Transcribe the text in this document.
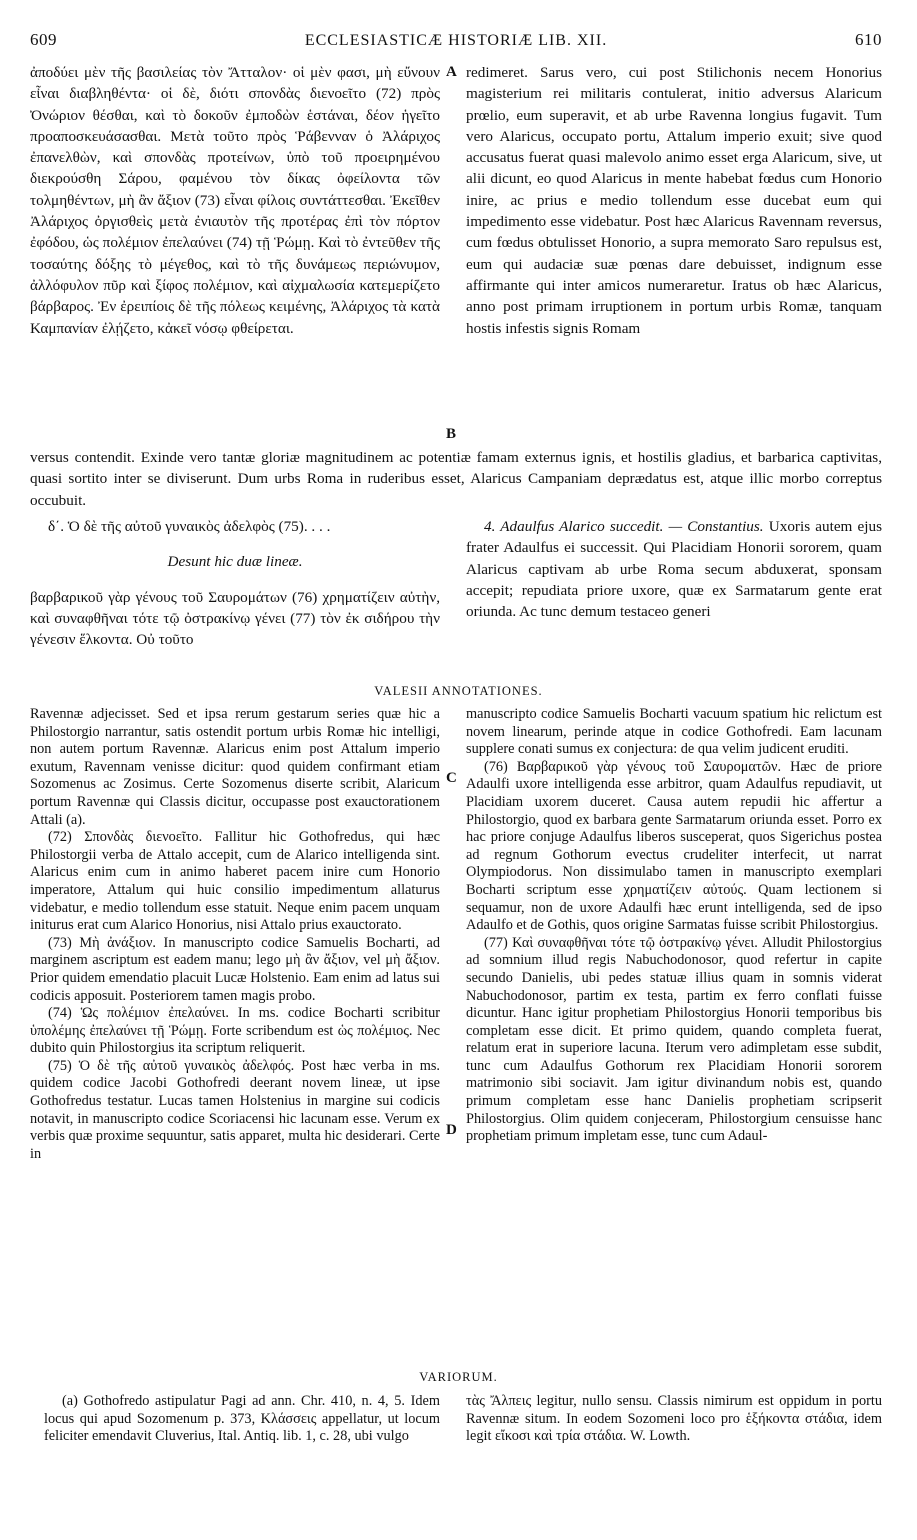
609	ECCLESIASTICÆ HISTORIÆ LIB. XII.	610

ἀποδύει μὲν τῆς βασιλείας τὸν Ἄτταλον· οἱ μὲν φασι, μὴ εὔνουν εἶναι διαβληθέντα· οἱ δὲ, διότι σπονδὰς διενοεῖτο (72) πρὸς Ὀνώριον θέσθαι, καὶ τὸ δοκοῦν ἐμποδὼν ἑστάναι, δέον ἡγεῖτο προαποσκευάσασθαι. Μετὰ τοῦτο πρὸς Ῥάβενναν ὁ Ἀλάριχος ἐπανελθὼν, καὶ σπονδὰς προτείνων, ὑπὸ τοῦ προειρημένου διεκρούσθη Σάρου, φαμένου τὸν δίκας ὀφείλοντα τῶν τολμηθέντων, μὴ ἂν ἄξιον (73) εἶναι φίλοις συντάττεσθαι. Ἐκεῖθεν Ἀλάριχος ὀργισθεὶς μετὰ ἐνιαυτὸν τῆς προτέρας ἐπὶ τὸν πόρτον ἐφόδου, ὡς πολέμιον ἐπελαύνει (74) τῇ Ῥώμῃ. Καὶ τὸ ἐντεῦθεν τῆς τοσαύτης δόξης τὸ μέγεθος, καὶ τὸ τῆς δυνάμεως περιώνυμον, ἀλλόφυλον πῦρ καὶ ξίφος πολέμιον, καὶ αἰχμαλωσία κατεμερίζετο βάρβαρος. Ἐν ἐρειπίοις δὲ τῆς πόλεως κειμένης, Ἀλάριχος τὰ κατὰ Καμπανίαν ἐλῄζετο, κἀκεῖ νόσῳ φθείρεται.

A redimeret. Sarus vero, cui post Stilichonis necem Honorius magisterium rei militaris contulerat, initio adversus Alaricum prœlio, eum superavit, et ab urbe Ravenna longius fugavit. Tum vero Alaricus, occupato portu, Attalum imperio exuit; sive quod accusatus fuerat quasi malevolo animo esset erga Alaricum, sive, ut alii dicunt, eo quod Alaricus in mente habebat fœdus cum Honorio inire, ac prius e medio tollendum esse ducebat eum qui impedimento esse videbatur. Post hæc Alaricus Ravennam reversus, cum fœdus obtulisset Honorio, a supra memorato Saro repulsus est, eum qui audaciæ suæ pœnas dare debuisset, indignum esse affirmante qui inter amicos numeraretur. Iratus ob hæc Alaricus, anno post primam irruptionem in portum urbis Romæ, tanquam hostis infestis signis Romam

B

versus contendit. Exinde vero tantæ gloriæ magnitudinem ac potentiæ famam externus ignis, et hostilis gladius, et barbarica captivitas, quasi sortito inter se diviserunt. Dum urbs Roma in ruderibus esset, Alaricus Campaniam deprædatus est, atque illic morbo correptus occubuit.

δ΄. Ὁ δὲ τῆς αὐτοῦ γυναικὸς ἀδελφὸς (75). . . .

Desunt hic duæ lineæ.

βαρβαρικοῦ γὰρ γένους τοῦ Σαυρομάτων (76) χρηματίζειν αὐτὴν, καὶ συναφθῆναι τότε τῷ ὀστρακίνῳ γένει (77) τὸν ἐκ σιδήρου τὴν γένεσιν ἕλκοντα. Οὐ τοῦτο

4. Adaulfus Alarico succedit. — Constantius. Uxoris autem ejus frater Adaulfus ei successit. Qui Placidiam Honorii sororem, quam Alaricus captivam ab urbe Roma secum abduxerat, sponsam accepit; repudiata priore uxore, quæ ex Sarmatarum gente erat oriunda. Ac tunc demum testaceo generi

VALESII ANNOTATIONES.

Ravennæ adjecisset. Sed et ipsa rerum gestarum series quæ hic a Philostorgio narrantur, satis ostendit portum urbis Romæ hic intelligi, non autem portum Ravennæ. Alaricus enim post Attalum imperio exutum, Ravennam venisse dicitur: quod quidem confirmant etiam Sozomenus ac Zosimus. Certe Sozomenus diserte scribit, Alaricum portum Ravennæ qui Classis dicitur, occupasse post exauctorationem Attali (a).

(72) Σπονδὰς διενοεῖτο. Fallitur hic Gothofredus, qui hæc Philostorgii verba de Attalo accepit, cum de Alarico intelligenda sint. Alaricus enim cum in animo haberet pacem inire cum Honorio imperatore, Attalum qui huic consilio impedimentum allaturus videbatur, e medio tollendum esse statuit. Neque enim pacem unquam initurus erat cum Alarico Honorius, nisi Attalo prius exauctorato.

(73) Μὴ ἀνάξιον. In manuscripto codice Samuelis Bocharti, ad marginem ascriptum est eadem manu; lego μὴ ἂν ἄξιον, vel μὴ ἄξιον. Prior quidem emendatio placuit Lucæ Holstenio. Eam enim ad latus sui codicis apposuit. Posteriorem tamen magis probo.

(74) Ὡς πολέμιον ἐπελαύνει. In ms. codice Bocharti scribitur ὑπολέμης ἐπελαύνει τῇ Ῥώμῃ. Forte scribendum est ὡς πολέμιος. Nec dubito quin Philostorgius ita scriptum reliquerit.

(75) Ὁ δὲ τῆς αὐτοῦ γυναικὸς ἀδελφός. Post hæc verba in ms. quidem codice Jacobi Gothofredi deerant novem lineæ, ut ipse Gothofredus testatur. Lucas tamen Holstenius in margine sui codicis notavit, in manuscripto codice Scoriacensi hic lacunam esse. Verum ex verbis quæ proxime sequuntur, satis apparet, multa hic desiderari. Certe in

C
D

manuscripto codice Samuelis Bocharti vacuum spatium hic relictum est novem linearum, perinde atque in codice Gothofredi. Eam lacunam supplere conati sumus ex conjectura: de qua velim judicent eruditi.

(76) Βαρβαρικοῦ γὰρ γένους τοῦ Σαυροματῶν. Hæc de priore Adaulfi uxore intelligenda esse arbitror, quam Adaulfus repudiavit, ut Placidiam uxorem duceret. Causa autem repudii hic affertur a Philostorgio, quod ex barbara gente Sarmatarum oriunda esset. Porro ex hac priore conjuge Adaulfus liberos susceperat, quos Sigerichus postea ad regnum Gothorum evectus crudeliter interfecit, ut narrat Olympiodorus. Non dissimulabo tamen in manuscripto exemplari Bocharti scriptum esse χρηματίζειν αὐτούς. Quam lectionem si sequamur, non de uxore Adaulfi hæc erunt intelligenda, sed de ipso Adaulfo et de Gothis, quos origine Sarmatas fuisse scribit Philostorgius.

(77) Καὶ συναφθῆναι τότε τῷ ὀστρακίνῳ γένει. Alludit Philostorgius ad somnium illud regis Nabuchodonosor, quod refertur in capite secundo Danielis, ubi pedes statuæ illius quam in somnis viderat Nabuchodonosor, partim ex testa, partim ex ferro conflati fuisse dicuntur. Hanc igitur prophetiam Philostorgius Honorii temporibus bis completam esse dicit. Et primo quidem, quando completa fuerat, relatum erat in superiore lacuna. Iterum vero adimpletam esse subdit, tunc cum Adaulfus Gothorum rex Placidiam Honorii sororem matrimonio sibi sociavit. Jam igitur divinandum nobis est, quando primum completam esse hanc Danielis prophetiam scripserit Philostorgius. Olim quidem conjeceram, Philostorgium censuisse hanc prophetiam primum impletam esse, tunc cum Adaul-

VARIORUM.

(a) Gothofredo astipulatur Pagi ad ann. Chr. 410, n. 4, 5. Idem locus qui apud Sozomenum p. 373, Κλάσσεις appellatur, ut locum feliciter emendavit Cluverius, Ital. Antiq. lib. 1, c. 28, ubi vulgo

τὰς Ἄλπεις legitur, nullo sensu. Classis nimirum est oppidum in portu Ravennæ situm. In eodem Sozomeni loco pro ἑξήκοντα στάδια, idem legit εἴκοσι καὶ τρία στάδια. W. Lowth.
